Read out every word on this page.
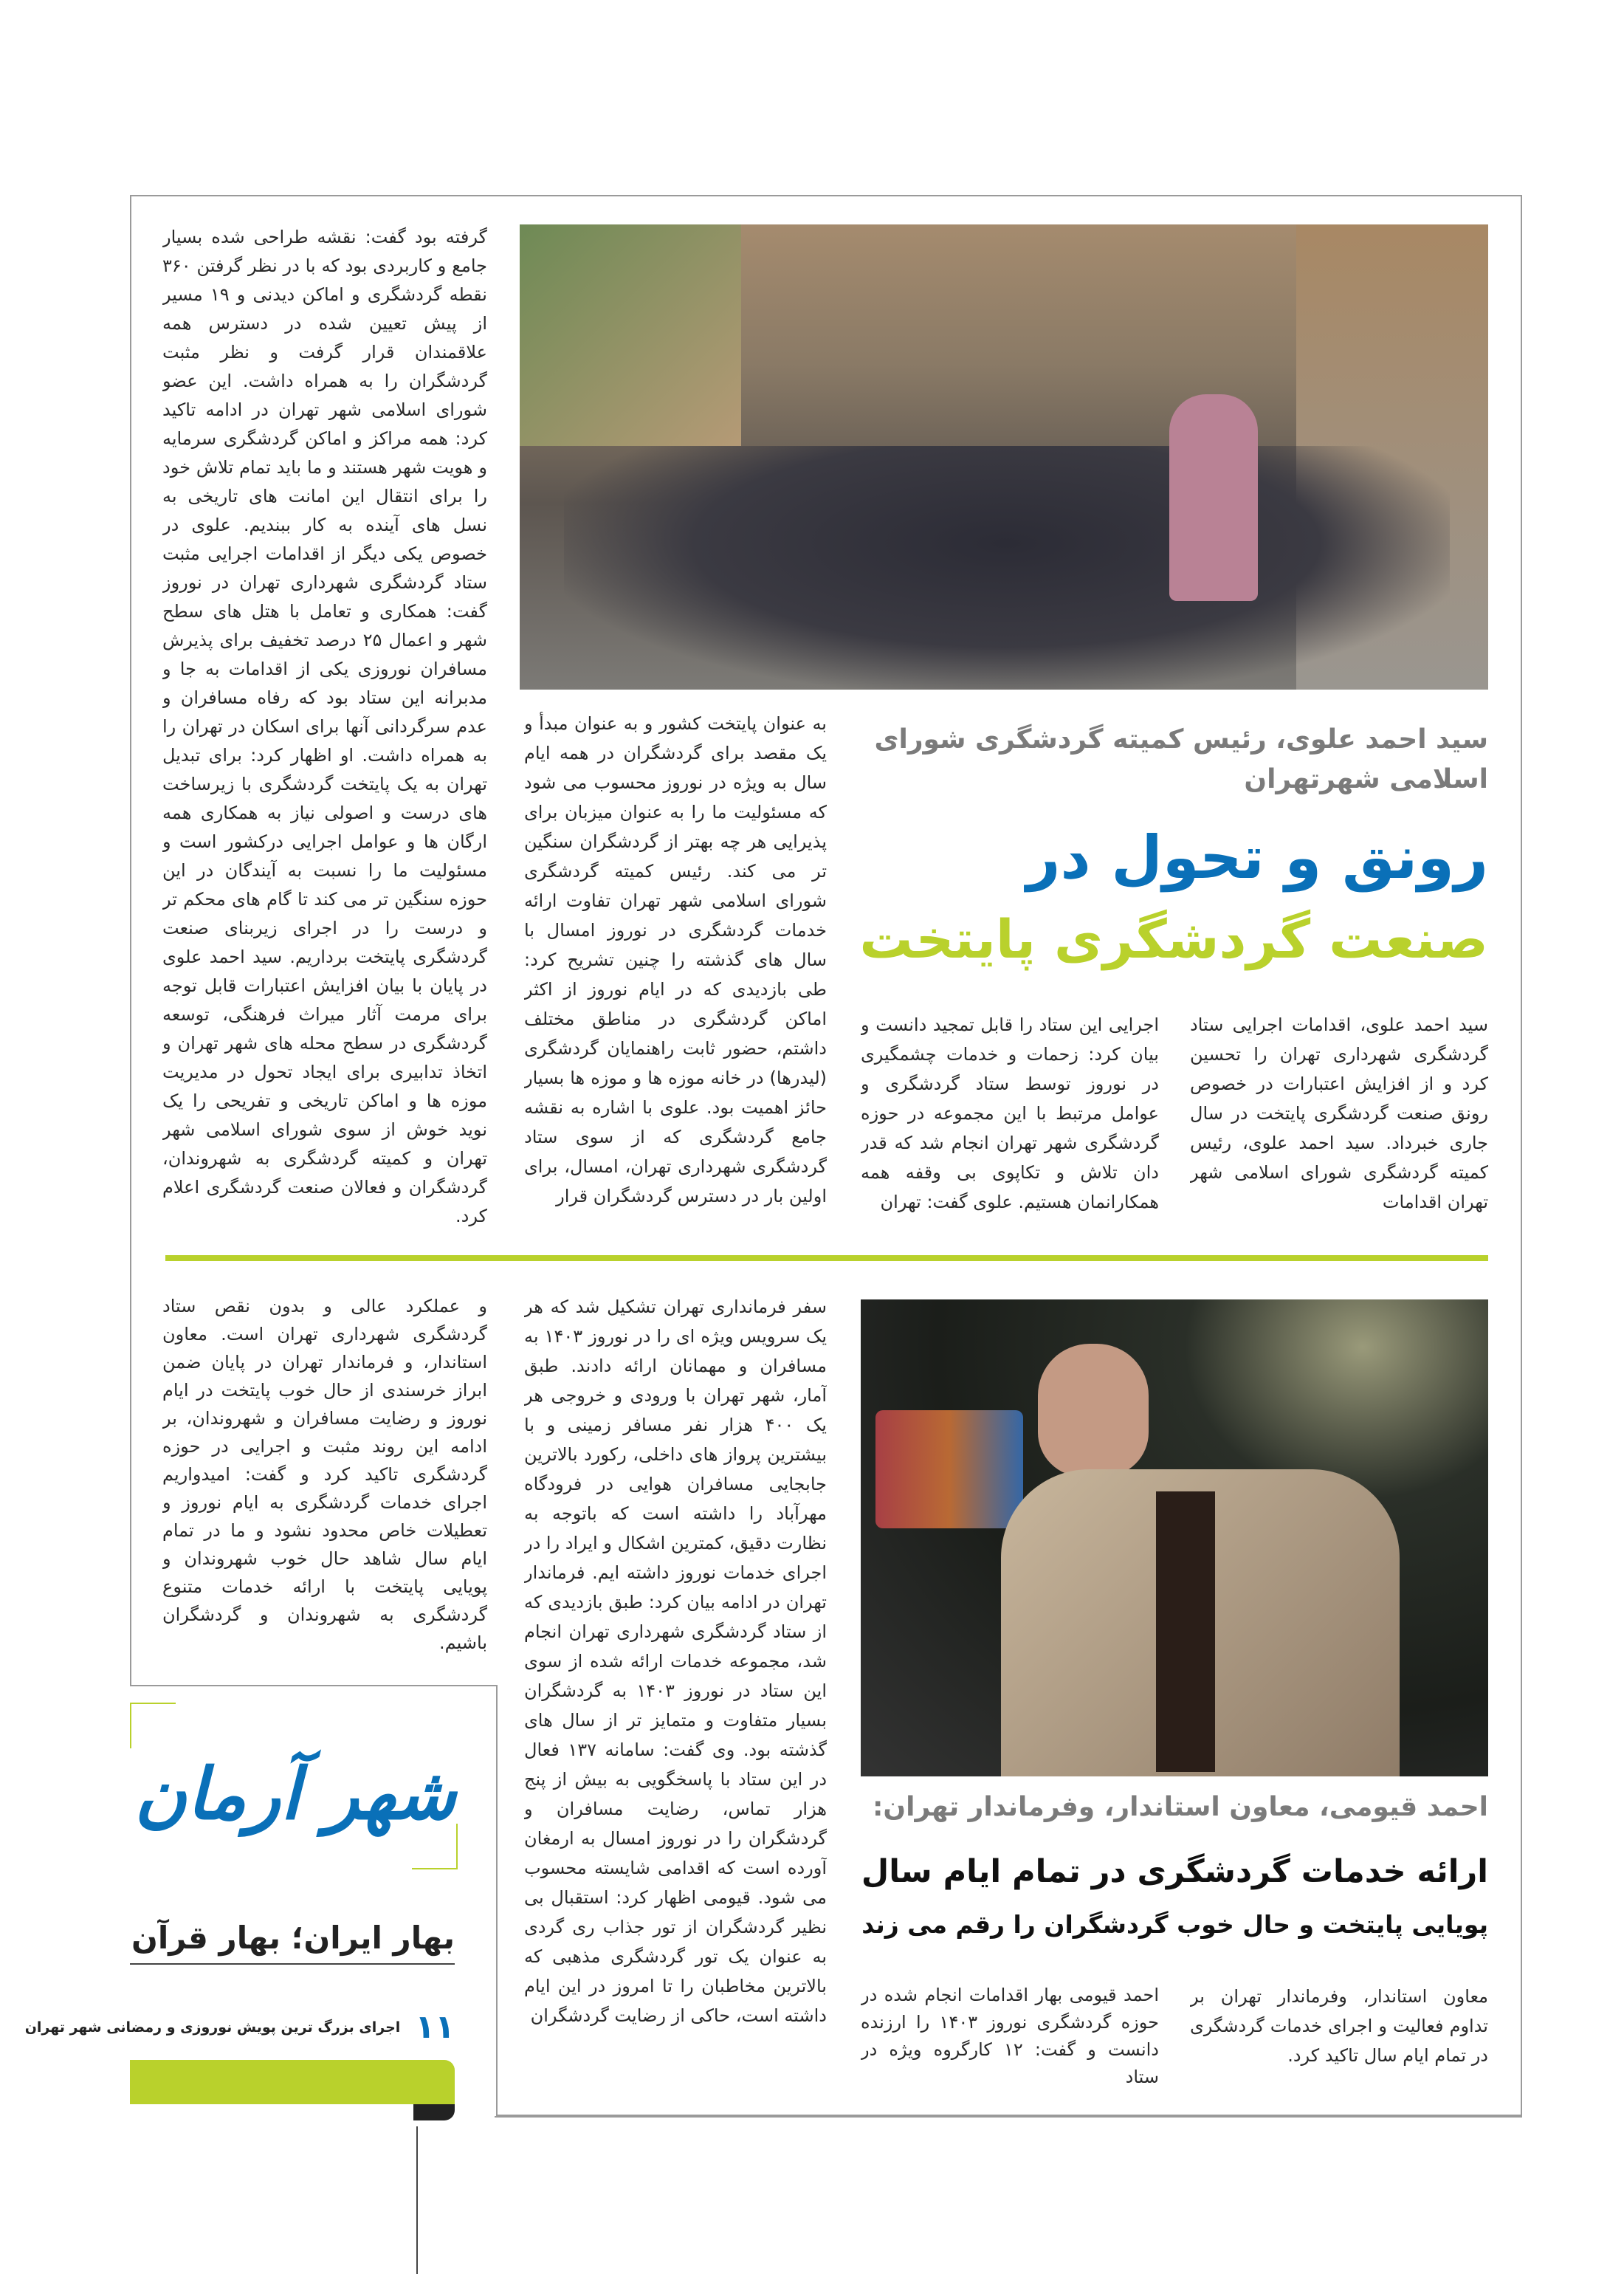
سید احمد علوی، رئیس کمیته گردشگری شورای اسلامی شهرتهران
رونق و تحول در
صنعت گردشگری پایتخت
سید احمد علوی، اقدامات اجرایی ستاد گردشگری شهرداری تهران را تحسین کرد و از افزایش اعتبارات در خصوص رونق صنعت گردشگری پایتخت در سال جاری خبرداد. سید احمد علوی، رئیس کمیته گردشگری شورای اسلامی شهر تهران اقدامات
اجرایی این ستاد را قابل تمجید دانست و بیان کرد: زحمات و خدمات چشمگیری در نوروز توسط ستاد گردشگری و عوامل مرتبط با این مجموعه در حوزه گردشگری شهر تهران انجام شد که قدر دان تلاش و تکاپوی بی وقفه همه همکارانمان هستیم. علوی گفت: تهران
به عنوان پایتخت کشور و به عنوان مبدأ و یک مقصد برای گردشگران در همه ایام سال به ویژه در نوروز محسوب می شود که مسئولیت ما را به عنوان میزبان برای پذیرایی هر چه بهتر از گردشگران سنگین تر می کند. رئیس کمیته گردشگری شورای اسلامی شهر تهران تفاوت ارائه خدمات گردشگری در نوروز امسال با سال های گذشته را چنین تشریح کرد: طی بازدیدی که در ایام نوروز از اکثر اماکن گردشگری در مناطق مختلف داشتم، حضور ثابت راهنمایان گردشگری (لیدرها) در خانه موزه ها و موزه ها بسیار حائز اهمیت بود. علوی با اشاره به نقشه جامع گردشگری که از سوی ستاد گردشگری شهرداری تهران، امسال، برای اولین بار در دسترس گردشگران قرار
گرفته بود گفت: نقشه طراحی شده بسیار جامع و کاربردی بود که با در نظر گرفتن ۳۶۰ نقطه گردشگری و اماکن دیدنی و ۱۹ مسیر از پیش تعیین شده در دسترس همه علاقمندان قرار گرفت و نظر مثبت گردشگران را به همراه داشت. این عضو شورای اسلامی شهر تهران در ادامه تاکید کرد: همه مراکز و اماکن گردشگری سرمایه و هویت شهر هستند و ما باید تمام تلاش خود را برای انتقال این امانت های تاریخی به نسل های آینده به کار ببندیم. علوی در خصوص یکی دیگر از اقدامات اجرایی مثبت ستاد گردشگری شهرداری تهران در نوروز گفت: همکاری و تعامل با هتل های سطح شهر و اعمال ۲۵ درصد تخفیف برای پذیرش مسافران نوروزی یکی از اقدامات به جا و مدبرانه این ستاد بود که رفاه مسافران و عدم سرگردانی آنها برای اسکان در تهران را به همراه داشت. او اظهار کرد: برای تبدیل تهران به یک پایتخت گردشگری با زیرساخت های درست و اصولی نیاز به همکاری همه ارگان ها و عوامل اجرایی درکشور است و مسئولیت ما را نسبت به آیندگان در این حوزه سنگین تر می کند تا گام های محکم تر و درست را در اجرای زیربنای صنعت گردشگری پایتخت برداریم. سید احمد علوی در پایان با بیان افزایش اعتبارات قابل توجه برای مرمت آثار میراث فرهنگی، توسعه گردشگری در سطح محله های شهر تهران و اتخاذ تدابیری برای ایجاد تحول در مدیریت موزه ها و اماکن تاریخی و تفریحی را یک نوید خوش از سوی شورای اسلامی شهر تهران و کمیته گردشگری به شهروندان، گردشگران و فعالان صنعت گردشگری اعلام کرد.
احمد قیومی، معاون استاندار، وفرماندار تهران:
ارائه خدمات گردشگری در تمام ایام سال
پویایی پایتخت و حال خوب گردشگران را رقم می زند
معاون استاندار، وفرماندار تهران بر تداوم فعالیت و اجرای خدمات گردشگری در تمام ایام سال تاکید کرد.
احمد قیومی بهار اقدامات انجام شده در حوزه گردشگری نوروز ۱۴۰۳ را ارزنده دانست و گفت: ۱۲ کارگروه ویژه در ستاد
سفر فرمانداری تهران تشکیل شد که هر یک سرویس ویژه ای را در نوروز ۱۴۰۳ به مسافران و مهمانان ارائه دادند. طبق آمار، شهر تهران با ورودی و خروجی هر یک ۴۰۰ هزار نفر مسافر زمینی و با بیشترین پرواز های داخلی، رکورد بالاترین جابجایی مسافران هوایی در فرودگاه مهرآباد را داشته است که باتوجه به نظارت دقیق، کمترین اشکال و ایراد را در اجرای خدمات نوروز داشته ایم. فرماندار تهران در ادامه بیان کرد: طبق بازدیدی که از ستاد گردشگری شهرداری تهران انجام شد، مجموعه خدمات ارائه شده از سوی این ستاد در نوروز ۱۴۰۳ به گردشگران بسیار متفاوت و متمایز تر از سال های گذشته بود. وی گفت: سامانه ۱۳۷ فعال در این ستاد با پاسخگویی به بیش از پنج هزار تماس، رضایت مسافران و گردشگران را در نوروز امسال به ارمغان آورده است که اقدامی شایسته محسوب می شود. قیومی اظهار کرد: استقبال بی نظیر گردشگران از تور جذاب ری گردی به عنوان یک تور گردشگری مذهبی که بالاترین مخاطبان را تا امروز در این ایام داشته است، حاکی از رضایت گردشگران
و عملکرد عالی و بدون نقص ستاد گردشگری شهرداری تهران است. معاون استاندار، و فرماندار تهران در پایان ضمن ابراز خرسندی از حال خوب پایتخت در ایام نوروز و رضایت مسافران و شهروندان، بر ادامه این روند مثبت و اجرایی در حوزه گردشگری تاکید کرد و گفت: امیدواریم اجرای خدمات گردشگری به ایام نوروز و تعطیلات خاص محدود نشود و ما در تمام ایام سال شاهد حال خوب شهروندان و پویایی پایتخت با ارائه خدمات متنوع گردشگری به شهروندان و گردشگران باشیم.
شهر آرمان
بهار ایران؛ بهار قرآن
۱۱
اجرای بزرگ ترین پویش نوروزی و رمضانی شهر تهران
